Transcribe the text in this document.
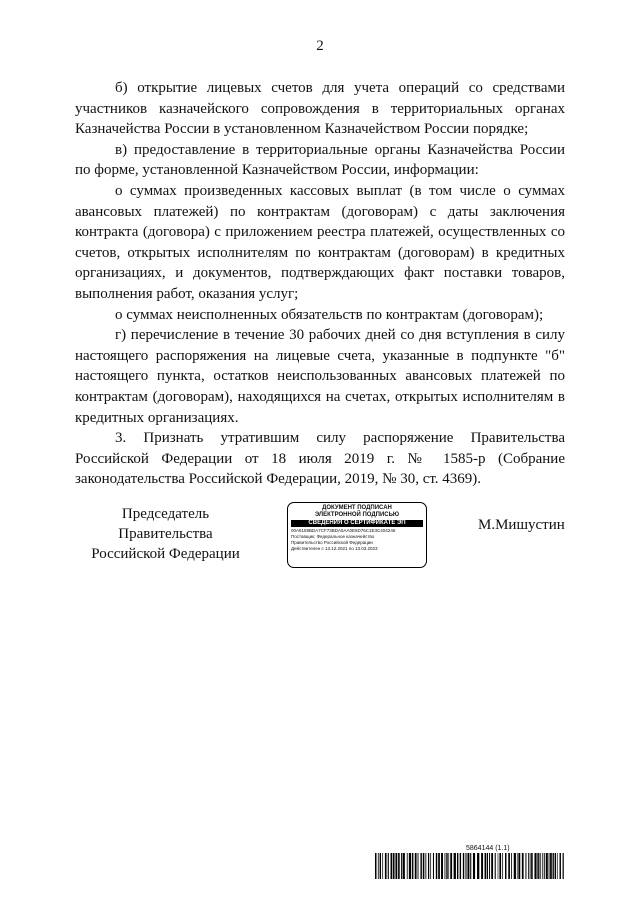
2

б) открытие лицевых счетов для учета операций со средствами участников казначейского сопровождения в территориальных органах Казначейства России в установленном Казначейством России порядке;

в) предоставление в территориальные органы Казначейства России по форме, установленной Казначейством России, информации:

о суммах произведенных кассовых выплат (в том числе о суммах авансовых платежей) по контрактам (договорам) с даты заключения контракта (договора) с приложением реестра платежей, осуществленных со счетов, открытых исполнителям по контрактам (договорам) в кредитных организациях, и документов, подтверждающих факт поставки товаров, выполнения работ, оказания услуг;

о суммах неисполненных обязательств по контрактам (договорам);

г) перечисление в течение 30 рабочих дней со дня вступления в силу настоящего распоряжения на лицевые счета, указанные в подпункте "б" настоящего пункта, остатков неиспользованных авансовых платежей по контрактам (договорам), находящихся на счетах, открытых исполнителям в кредитных организациях.

3. Признать утратившим силу распоряжение Правительства Российской Федерации от 18 июля 2019 г. № 1585-р (Собрание законодательства Российской Федерации, 2019, № 30, ст. 4369).

Председатель Правительства
Российской Федерации
ДОКУМЕНТ ПОДПИСАН
ЭЛЕКТРОННОЙ ПОДПИСЬЮ
СВЕДЕНИЯ О СЕРТИФИКАТЕ ЭП
00A6159BDA7CF73BDA5AA0E5D76C1E3C404246
Поставщик: Федеральное казначейство
Правительство Российской Федерации
Действителен с 13.12.2021 по 13.03.2023
М.Мишустин
5864144 (1.1)
